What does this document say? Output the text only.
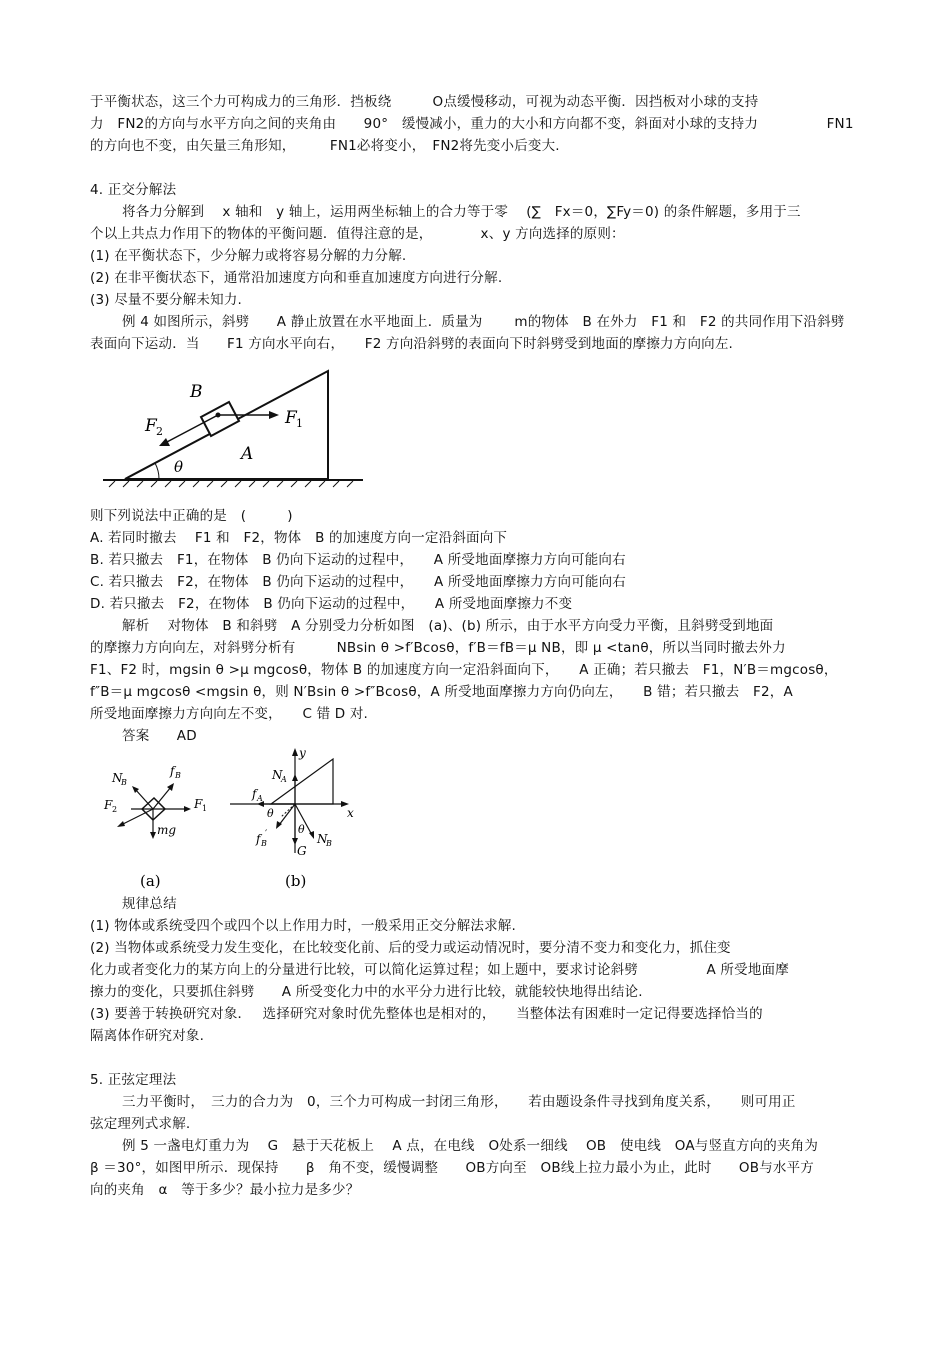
于平衡状态，这三个力可构成力的三角形．挡板绕　　　O点缓慢移动，可视为动态平衡．因挡板对小球的支持
力　FN2的方向与水平方向之间的夹角由　　90°　缓慢减小，重力的大小和方向都不变，斜面对小球的支持力　　　　　FN1
的方向也不变，由矢量三角形知，　　　FN1必将变小，　FN2将先变小后变大.
4. 正交分解法
将各力分解到　 x 轴和　y 轴上，运用两坐标轴上的合力等于零　 (∑　Fx＝0，∑Fy＝0) 的条件解题，多用于三
个以上共点力作用下的物体的平衡问题．值得注意的是，　　　　x、y 方向选择的原则：
(1) 在平衡状态下，少分解力或将容易分解的力分解.
(2) 在非平衡状态下，通常沿加速度方向和垂直加速度方向进行分解.
(3) 尽量不要分解未知力.
例 4 如图所示，斜劈　　A 静止放置在水平地面上．质量为　　 m的物体　B 在外力　F1 和　F2 的共同作用下沿斜劈
表面向下运动．当　　F1 方向水平向右，　　F2 方向沿斜劈的表面向下时斜劈受到地面的摩擦力方向向左.
B
F 1
F 2
A
θ
则下列说法中正确的是　(　　　)
A. 若同时撤去　 F1 和　F2，物体　B 的加速度方向一定沿斜面向下
B. 若只撤去　F1，在物体　B 仍向下运动的过程中，　　A 所受地面摩擦力方向可能向右
C. 若只撤去　F2，在物体　B 仍向下运动的过程中，　　A 所受地面摩擦力方向可能向右
D. 若只撤去　F2，在物体　B 仍向下运动的过程中，　　A 所受地面摩擦力不变
解析　 对物体　B 和斜劈　A 分别受力分析如图　(a)、(b) 所示，由于水平方向受力平衡，且斜劈受到地面
的摩擦力方向向左，对斜劈分析有　　　NBsin θ >f′Bcosθ，f′B＝fB＝μ NB，即 μ <tanθ，所以当同时撤去外力
F1、F2 时，mgsin θ >μ mgcosθ，物体 B 的加速度方向一定沿斜面向下，　　A 正确；若只撤去　F1，N′B＝mgcosθ，
f″B＝μ mgcosθ <mgsin θ，则 N′Bsin θ >f″Bcosθ，A 所受地面摩擦力方向仍向左，　　B 错；若只撤去　F2，A
所受地面摩擦力方向向左不变，　　C 错 D 对.
答案　　AD
N
B
f B
F 2	F 1
mg
(a)
y
x
N
A
f A
θ
θ
f B
′	N
B
G
(b)
规律总结
(1) 物体或系统受四个或四个以上作用力时，一般采用正交分解法求解.
(2) 当物体或系统受力发生变化，在比较变化前、后的受力或运动情况时，要分清不变力和变化力，抓住变
化力或者变化力的某方向上的分量进行比较，可以简化运算过程；如上题中，要求讨论斜劈　　　　　A 所受地面摩
擦力的变化，只要抓住斜劈　　A 所受变化力中的水平分力进行比较，就能较快地得出结论.
(3) 要善于转换研究对象．　 选择研究对象时优先整体也是相对的，　　当整体法有困难时一定记得要选择恰当的
隔离体作研究对象.
5. 正弦定理法
三力平衡时，　三力的合力为　0，三个力可构成一封闭三角形，　　若由题设条件寻找到角度关系，　　则可用正
弦定理列式求解.
例 5 一盏电灯重力为　 G　悬于天花板上　 A 点，在电线　O处系一细线　 OB　使电线　OA与竖直方向的夹角为
β ＝30°，如图甲所示．现保持　　β　角不变，缓慢调整　　OB方向至　OB线上拉力最小为止，此时　　OB与水平方
向的夹角　α　等于多少？最小拉力是多少？
